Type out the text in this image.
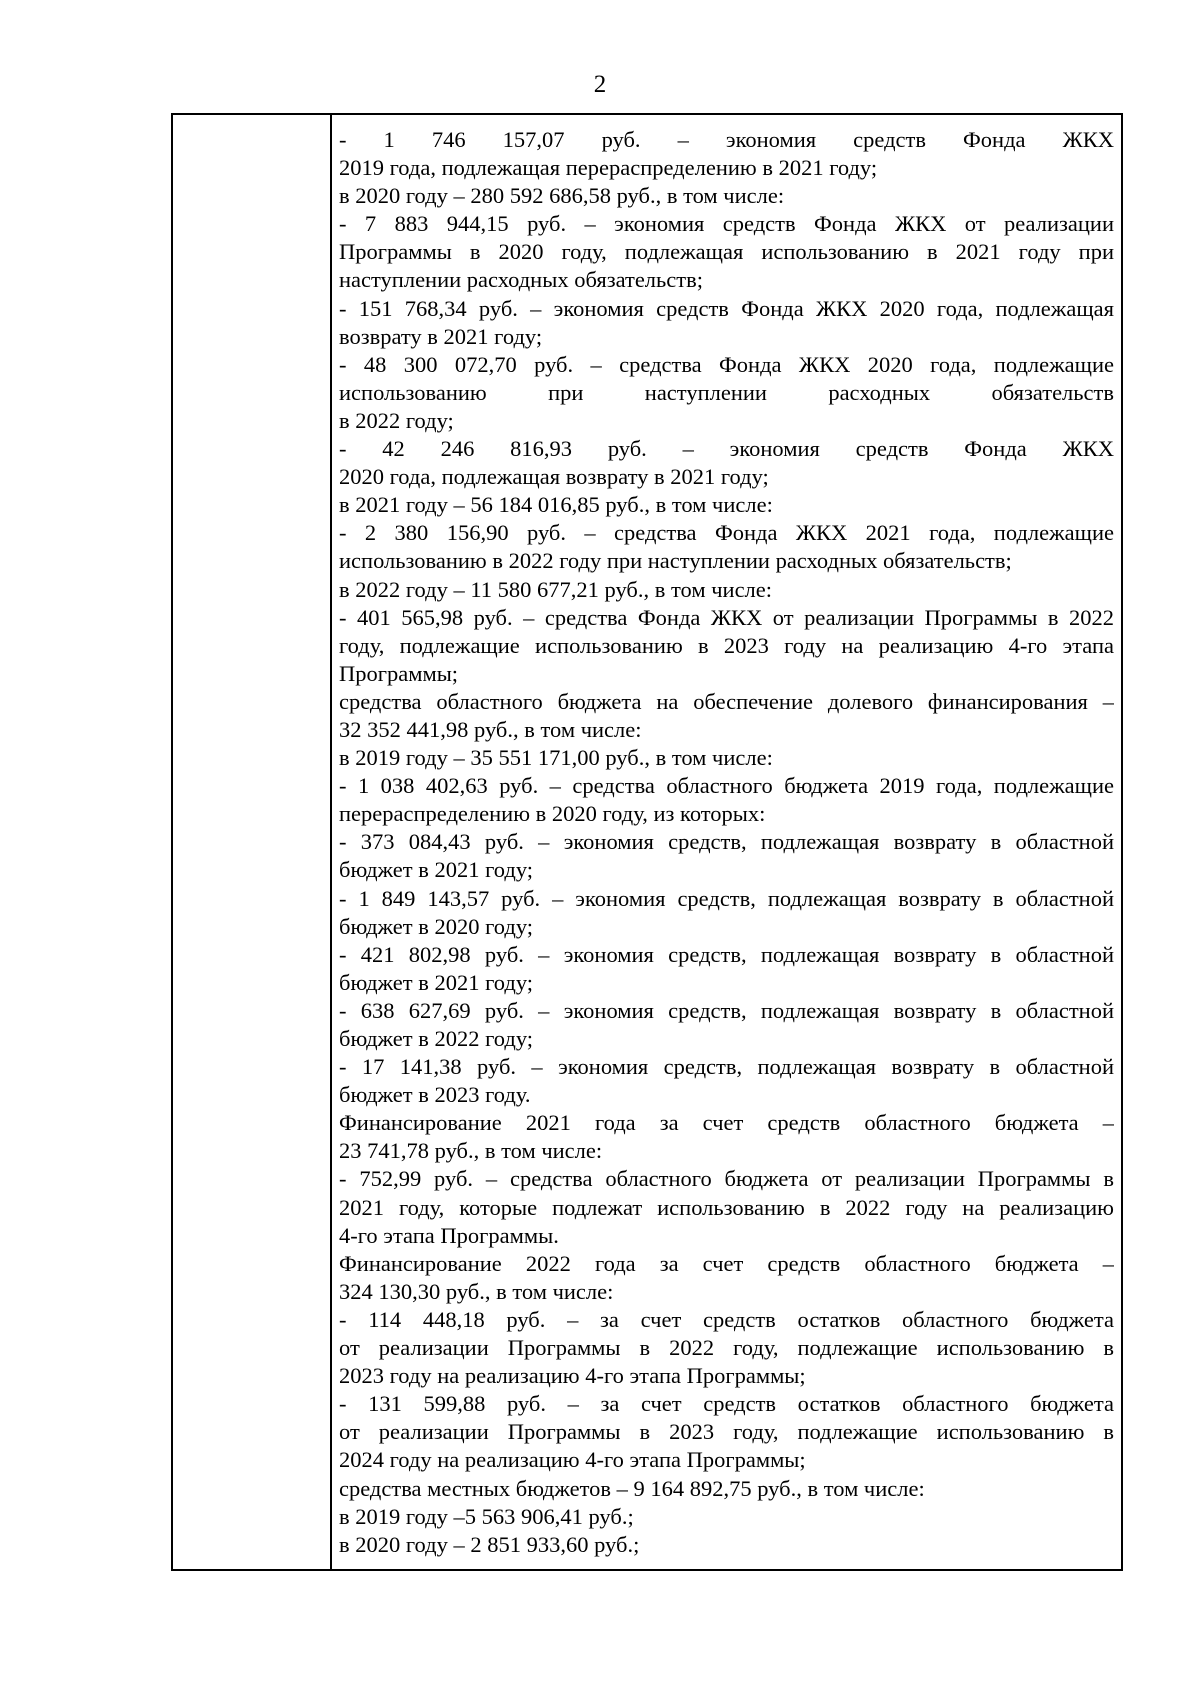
2
- 1 746 157,07 руб. – экономия средств Фонда ЖКХ
2019 года, подлежащая перераспределению в 2021 году;
в 2020 году – 280 592 686,58 руб., в том числе:
- 7 883 944,15 руб. – экономия средств Фонда ЖКХ от реализации
Программы в 2020 году, подлежащая использованию в 2021 году при
наступлении расходных обязательств;
- 151 768,34 руб. – экономия средств Фонда ЖКХ 2020 года, подлежащая
возврату в 2021 году;
- 48 300 072,70 руб. – средства Фонда ЖКХ 2020 года, подлежащие
использованию при наступлении расходных обязательств
в 2022 году;
- 42 246 816,93 руб. – экономия средств Фонда ЖКХ
2020 года, подлежащая возврату в 2021 году;
в 2021 году – 56 184 016,85 руб., в том числе:
- 2 380 156,90 руб. – средства Фонда ЖКХ 2021 года, подлежащие
использованию в 2022 году при наступлении расходных обязательств;
в 2022 году – 11 580 677,21 руб., в том числе:
- 401 565,98 руб. – средства Фонда ЖКХ от реализации Программы в 2022
году, подлежащие использованию в 2023 году на реализацию 4-го этапа
Программы;
средства областного бюджета на обеспечение долевого финансирования –
32 352 441,98 руб., в том числе:
в 2019 году – 35 551 171,00 руб., в том числе:
- 1 038 402,63 руб. – средства областного бюджета 2019 года, подлежащие
перераспределению в 2020 году, из которых:
- 373 084,43 руб. – экономия средств, подлежащая возврату в областной
бюджет в 2021 году;
- 1 849 143,57 руб. – экономия средств, подлежащая возврату в областной
бюджет в 2020 году;
- 421 802,98 руб. – экономия средств, подлежащая возврату в областной
бюджет в 2021 году;
- 638 627,69 руб. – экономия средств, подлежащая возврату в областной
бюджет в 2022 году;
- 17 141,38 руб. – экономия средств, подлежащая возврату в областной
бюджет в 2023 году.
Финансирование 2021 года за счет средств областного бюджета –
23 741,78 руб., в том числе:
- 752,99 руб. – средства областного бюджета от реализации Программы в
2021 году, которые подлежат использованию в 2022 году на реализацию
4-го этапа Программы.
Финансирование 2022 года за счет средств областного бюджета –
324 130,30 руб., в том числе:
- 114 448,18 руб. – за счет средств остатков областного бюджета
от реализации Программы в 2022 году, подлежащие использованию в
2023 году на реализацию 4-го этапа Программы;
- 131 599,88 руб. – за счет средств остатков областного бюджета
от реализации Программы в 2023 году, подлежащие использованию в
2024 году на реализацию 4-го этапа Программы;
средства местных бюджетов – 9 164 892,75 руб., в том числе:
в 2019 году –5 563 906,41 руб.;
в 2020 году – 2 851 933,60 руб.;
